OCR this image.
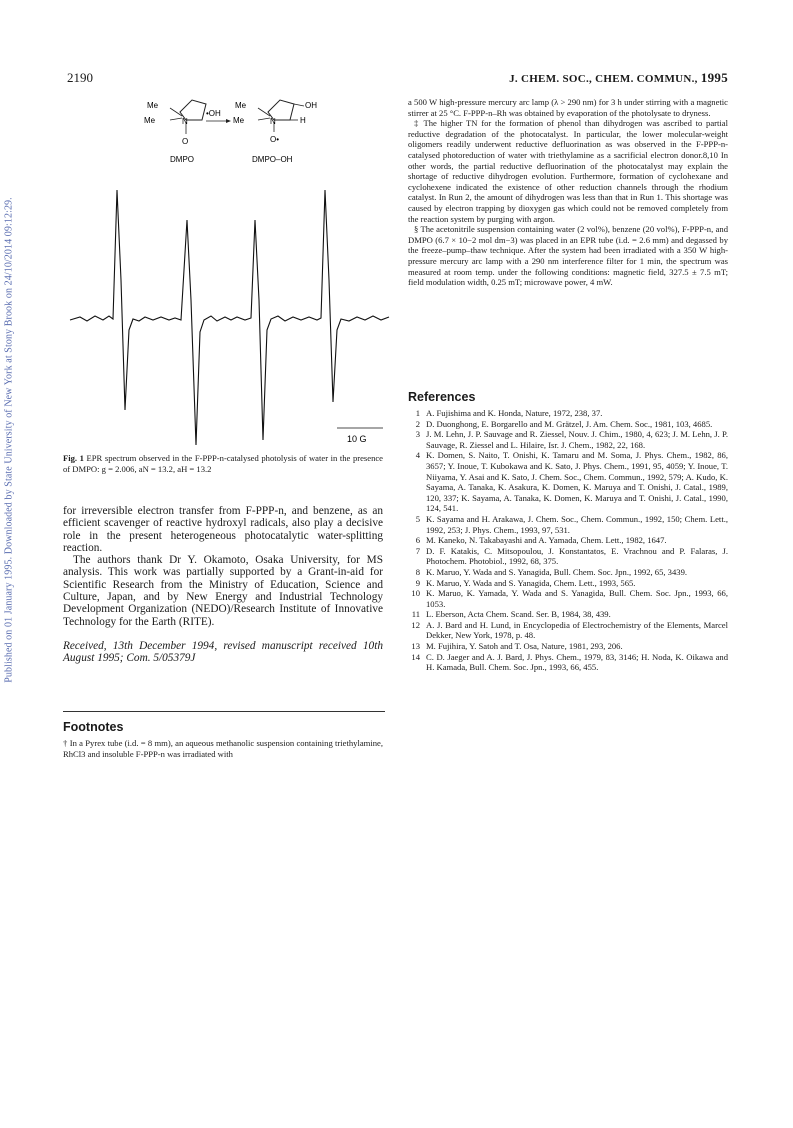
Published on 01 January 1995. Downloaded by State University of New York at Stony Brook on 24/10/2014 09:12:29.
2190	J. CHEM. SOC., CHEM. COMMUN., 1995
Me
Me	N
O
DMPO
•OH
Me
Me	N
OH
H
O•
DMPO–OH
10 G
Fig. 1 EPR spectrum observed in the F-PPP-n-catalysed photolysis of water in the presence of DMPO: g = 2.006, aN = 13.2, aH = 13.2

for irreversible electron transfer from F-PPP-n, and benzene, as an efficient scavenger of reactive hydroxyl radicals, also play a decisive role in the present heterogeneous photocatalytic water-splitting reaction.

The authors thank Dr Y. Okamoto, Osaka University, for MS analysis. This work was partially supported by a Grant-in-aid for Scientific Research from the Ministry of Education, Science and Culture, Japan, and by New Energy and Industrial Technology Development Organization (NEDO)/Research Institute of Innovative Technology for the Earth (RITE).

Received, 13th December 1994, revised manuscript received 10th August 1995; Com. 5/05379J

Footnotes

† In a Pyrex tube (i.d. = 8 mm), an aqueous methanolic suspension containing triethylamine, RhCl3 and insoluble F-PPP-n was irradiated with

a 500 W high-pressure mercury arc lamp (λ > 290 nm) for 3 h under stirring with a magnetic stirrer at 25 °C. F-PPP-n–Rh was obtained by evaporation of the photolysate to dryness.

‡ The higher TN for the formation of phenol than dihydrogen was ascribed to partial reductive degradation of the photocatalyst. In particular, the lower molecular-weight oligomers readily underwent reductive defluorination as was observed in the F-PPP-n-catalysed photoreduction of water with triethylamine as a sacrificial electron donor.8,10 In other words, the partial reductive defluorination of the photocatalyst may explain the shortage of reductive dihydrogen evolution. Furthermore, formation of cyclohexane and cyclohexene indicated the existence of other reduction channels through the rhodium catalyst. In Run 2, the amount of dihydrogen was less than that in Run 1. This shortage was caused by electron trapping by dioxygen gas which could not be removed completely from the reaction system by purging with argon.

§ The acetonitrile suspension containing water (2 vol%), benzene (20 vol%), F-PPP-n, and DMPO (6.7 × 10−2 mol dm−3) was placed in an EPR tube (i.d. = 2.6 mm) and degassed by the freeze–pump–thaw technique. After the system had been irradiated with a 350 W high-pressure mercury arc lamp with a 290 nm interference filter for 1 min, the spectrum was measured at room temp. under the following conditions: magnetic field, 327.5 ± 7.5 mT; field modulation width, 0.25 mT; microwave power, 4 mW.

References
1 A. Fujishima and K. Honda, Nature, 1972, 238, 37.
2 D. Duonghong, E. Borgarello and M. Grätzel, J. Am. Chem. Soc., 1981, 103, 4685.
3 J. M. Lehn, J. P. Sauvage and R. Ziessel, Nouv. J. Chim., 1980, 4, 623; J. M. Lehn, J. P. Sauvage, R. Ziessel and L. Hilaire, Isr. J. Chem., 1982, 22, 168.
4 K. Domen, S. Naito, T. Onishi, K. Tamaru and M. Soma, J. Phys. Chem., 1982, 86, 3657; Y. Inoue, T. Kubokawa and K. Sato, J. Phys. Chem., 1991, 95, 4059; Y. Inoue, T. Niiyama, Y. Asai and K. Sato, J. Chem. Soc., Chem. Commun., 1992, 579; A. Kudo, K. Sayama, A. Tanaka, K. Asakura, K. Domen, K. Maruya and T. Onishi, J. Catal., 1989, 120, 337; K. Sayama, A. Tanaka, K. Domen, K. Maruya and T. Onishi, J. Catal., 1990, 124, 541.
5 K. Sayama and H. Arakawa, J. Chem. Soc., Chem. Commun., 1992, 150; Chem. Lett., 1992, 253; J. Phys. Chem., 1993, 97, 531.
6 M. Kaneko, N. Takabayashi and A. Yamada, Chem. Lett., 1982, 1647.
7 D. F. Katakis, C. Mitsopoulou, J. Konstantatos, E. Vrachnou and P. Falaras, J. Photochem. Photobiol., 1992, 68, 375.
8 K. Maruo, Y. Wada and S. Yanagida, Bull. Chem. Soc. Jpn., 1992, 65, 3439.
9 K. Maruo, Y. Wada and S. Yanagida, Chem. Lett., 1993, 565.
10 K. Maruo, K. Yamada, Y. Wada and S. Yanagida, Bull. Chem. Soc. Jpn., 1993, 66, 1053.
11 L. Eberson, Acta Chem. Scand. Ser. B, 1984, 38, 439.
12 A. J. Bard and H. Lund, in Encyclopedia of Electrochemistry of the Elements, Marcel Dekker, New York, 1978, p. 48.
13 M. Fujihira, Y. Satoh and T. Osa, Nature, 1981, 293, 206.
14 C. D. Jaeger and A. J. Bard, J. Phys. Chem., 1979, 83, 3146; H. Noda, K. Oikawa and H. Kamada, Bull. Chem. Soc. Jpn., 1993, 66, 455.
